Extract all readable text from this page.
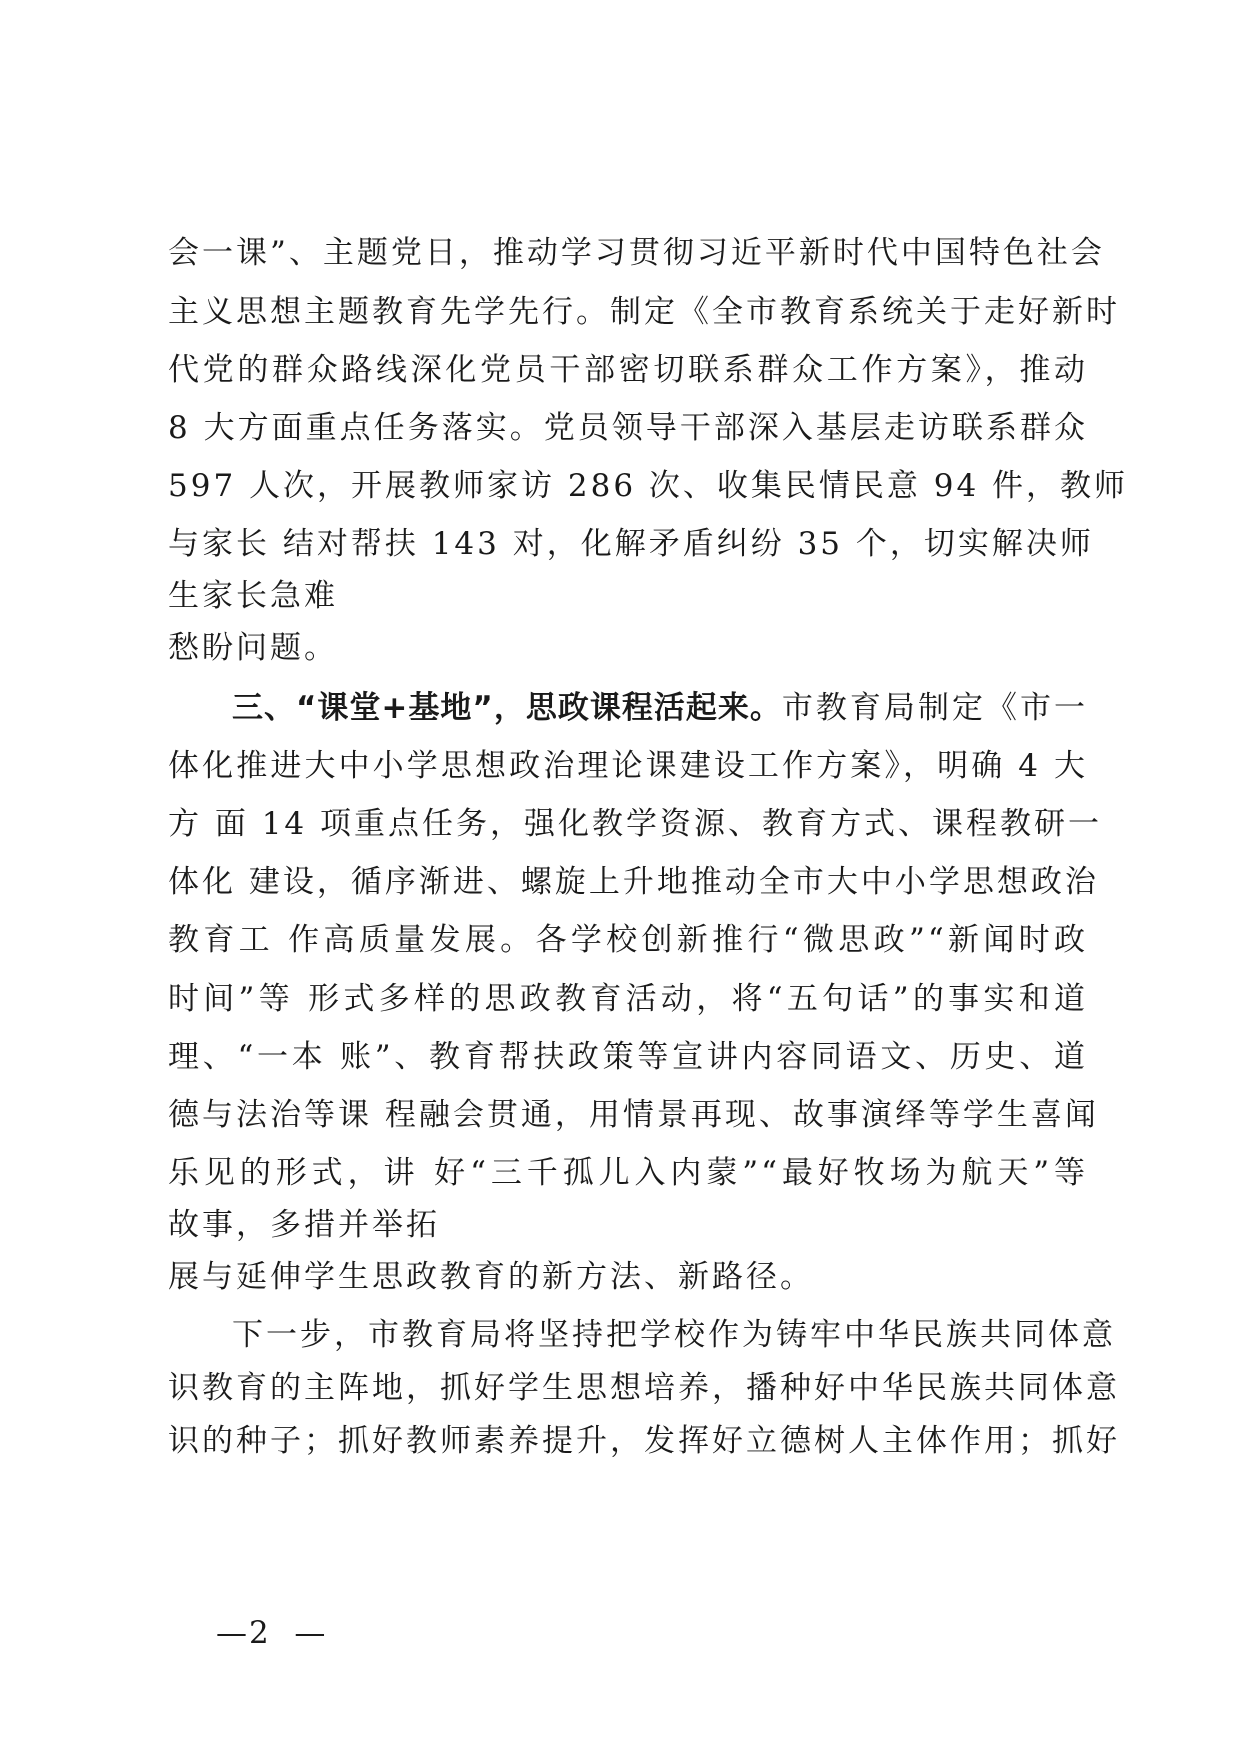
会一课”、主题党日，推动学习贯彻习近平新时代中国特色社会
主义思想主题教育先学先行。制定《全市教育系统关于走好新时
代党的群众路线深化党员干部密切联系群众工作方案》，推动
8 大方面重点任务落实。党员领导干部深入基层走访联系群众
597 人次，开展教师家访 286 次、收集民情民意 94 件，教师
与家长 结对帮扶 143 对，化解矛盾纠纷 35 个，切实解决师
生家长急难
愁盼问题。
三、“课堂+基地”，思政课程活起来。市教育局制定《市一
体化推进大中小学思想政治理论课建设工作方案》，明确 4 大
方 面 14 项重点任务，强化教学资源、教育方式、课程教研一
体化 建设，循序渐进、螺旋上升地推动全市大中小学思想政治
教育工 作高质量发展。各学校创新推行“微思政”“新闻时政
时间”等 形式多样的思政教育活动，将“五句话”的事实和道
理、“一本 账”、教育帮扶政策等宣讲内容同语文、历史、道
德与法治等课 程融会贯通，用情景再现、故事演绎等学生喜闻
乐见的形式，讲 好“三千孤儿入内蒙”“最好牧场为航天”等
故事，多措并举拓
展与延伸学生思政教育的新方法、新路径。
下一步，市教育局将坚持把学校作为铸牢中华民族共同体意
识教育的主阵地，抓好学生思想培养，播种好中华民族共同体意
识的种子；抓好教师素养提升，发挥好立德树人主体作用；抓好
—2  —
